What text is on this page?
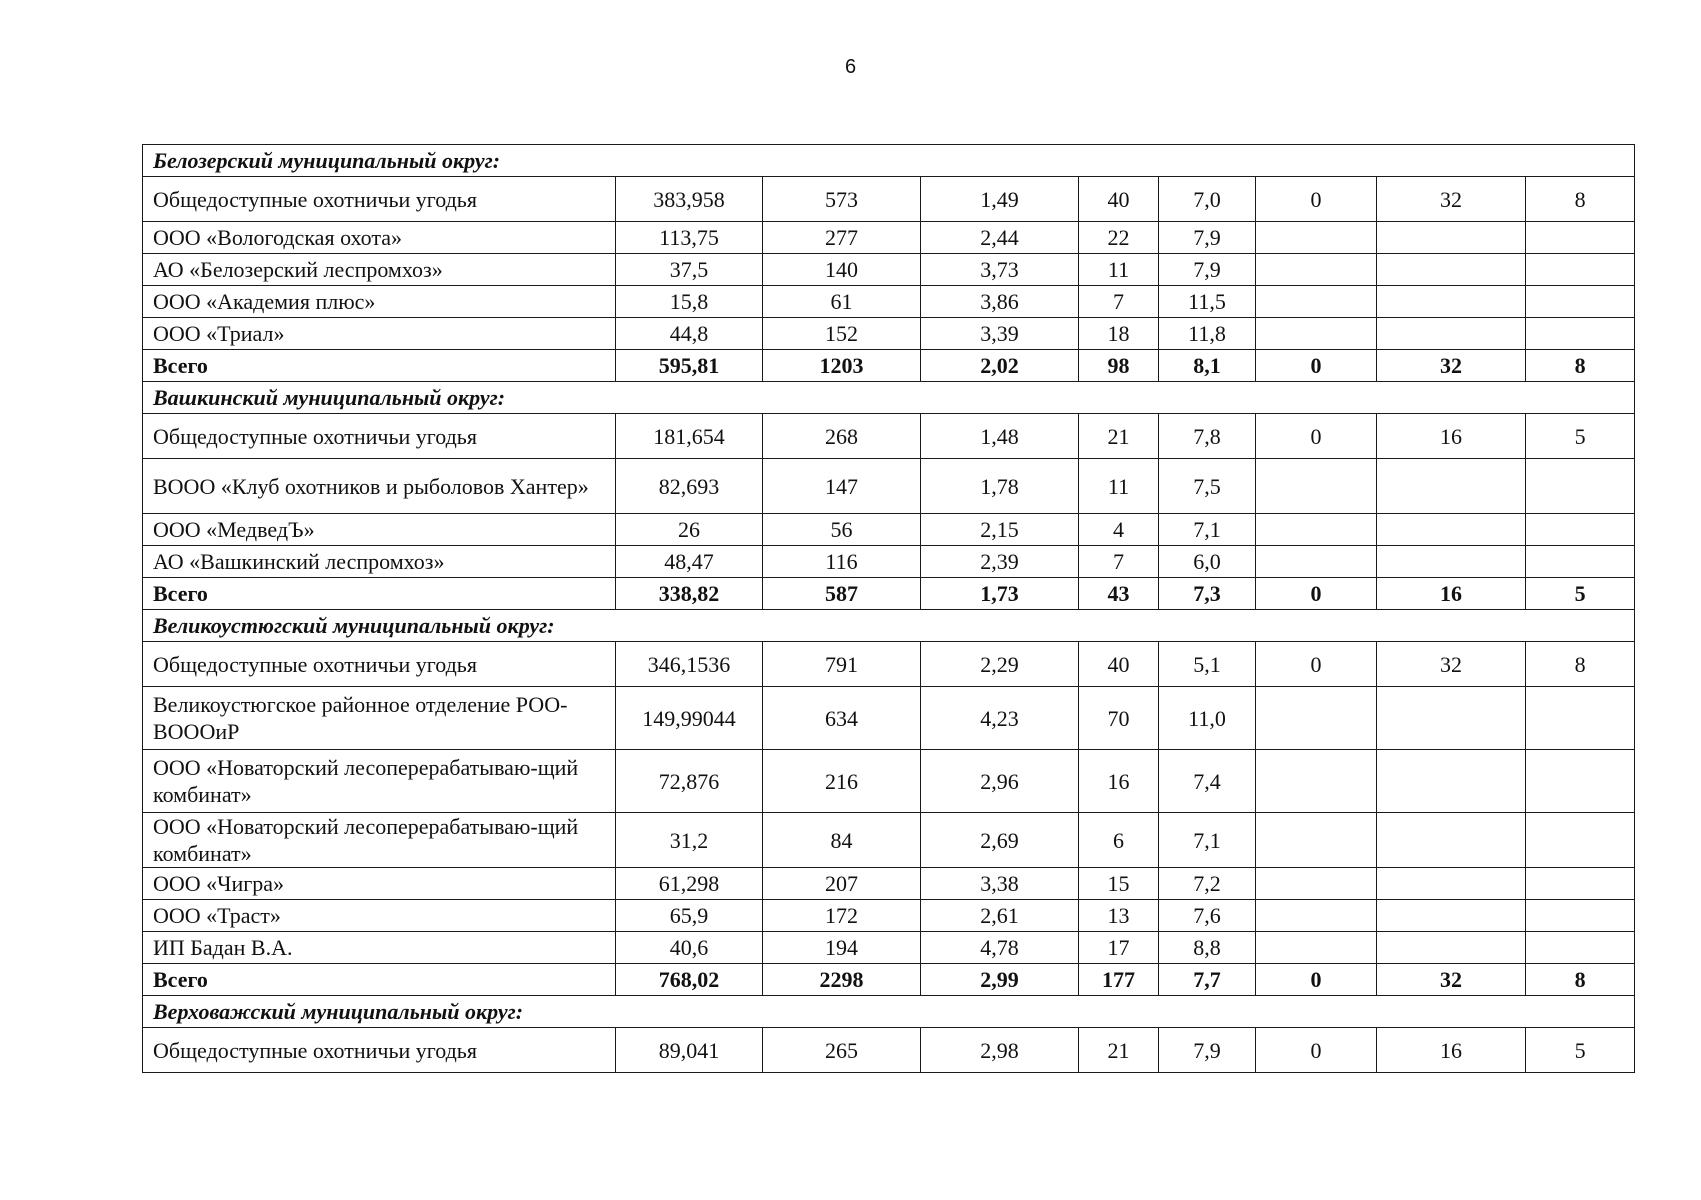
6
Белозерский муниципальный округ:								
Общедоступные охотничьи угодья	383,958	573	1,49	40	7,0	0	32	8
ООО «Вологодская охота»	113,75	277	2,44	22	7,9			
АО «Белозерский леспромхоз»	37,5	140	3,73	11	7,9			
ООО «Академия плюс»	15,8	61	3,86	7	11,5			
ООО «Триал»	44,8	152	3,39	18	11,8			
Всего	595,81	1203	2,02	98	8,1	0	32	8
Вашкинский муниципальный округ:								
Общедоступные охотничьи угодья	181,654	268	1,48	21	7,8	0	16	5
ВООО «Клуб охотников и рыболовов Хантер»	82,693	147	1,78	11	7,5			
ООО «МедведЪ»	26	56	2,15	4	7,1			
АО «Вашкинский леспромхоз»	48,47	116	2,39	7	6,0			
Всего	338,82	587	1,73	43	7,3	0	16	5
Великоустюгский муниципальный округ:								
Общедоступные охотничьи угодья	346,1536	791	2,29	40	5,1	0	32	8
Великоустюгское районное отделение РОО-ВОООиР	149,99044	634	4,23	70	11,0			
ООО «Новаторский лесоперерабатываю-щий комбинат»	72,876	216	2,96	16	7,4			
ООО «Новаторский лесоперерабатываю-щий комбинат»	31,2	84	2,69	6	7,1			
ООО «Чигра»	61,298	207	3,38	15	7,2			
ООО «Траст»	65,9	172	2,61	13	7,6			
ИП Бадан В.А.	40,6	194	4,78	17	8,8			
Всего	768,02	2298	2,99	177	7,7	0	32	8
Верховажский муниципальный округ:								
Общедоступные охотничьи угодья	89,041	265	2,98	21	7,9	0	16	5
